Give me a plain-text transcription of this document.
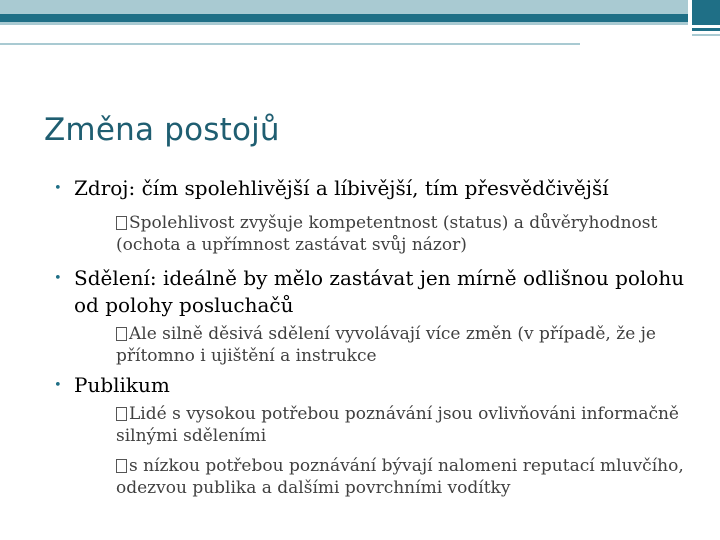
Změna postojů
• Zdroj: čím spolehlivější a líbivější, tím přesvědčivější
Spolehlivost zvyšuje kompetentnost (status) a důvěryhodnost (ochota a upřímnost zastávat svůj názor)
• Sdělení: ideálně by mělo zastávat jen mírně odlišnou polohu od polohy posluchačů
Ale silně děsivá sdělení vyvolávají více změn (v případě, že je přítomno i ujištění a instrukce
• Publikum
Lidé s vysokou potřebou poznávání jsou ovlivňováni informačně silnými sděleními
s nízkou potřebou poznávání bývají nalomeni reputací mluvčího, odezvou publika a dalšími povrchními vodítky
